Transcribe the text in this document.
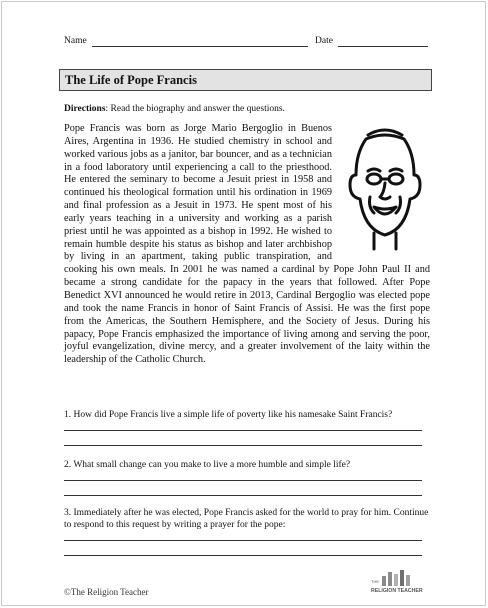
Name	Date
The Life of Pope Francis
Directions: Read the biography and answer the questions.

Pope Francis was born as Jorge Mario Bergoglio in Buenos Aires, Argentina in 1936. He studied chemistry in school and worked various jobs as a janitor, bar bouncer, and as a technician in a food laboratory until experiencing a call to the priesthood. He entered the seminary to become a Jesuit priest in 1958 and continued his theological formation until his ordination in 1969 and final profession as a Jesuit in 1973. He spent most of his early years teaching in a university and working as a parish priest until he was appointed as a bishop in 1992. He wished to remain humble despite his status as bishop and later archbishop by living in an apartment, taking public transpiration, and cooking his own meals. In 2001 he was named a cardinal by Pope John Paul II and became a strong candidate for the papacy in the years that followed. After Pope Benedict XVI announced he would retire in 2013, Cardinal Bergoglio was elected pope and took the name Francis in honor of Saint Francis of Assisi. He was the first pope from the Americas, the Southern Hemisphere, and the Society of Jesus. During his papacy, Pope Francis emphasized the importance of living among and serving the poor, joyful evangelization, divine mercy, and a greater involvement of the laity within the leadership of the Catholic Church.

1. How did Pope Francis live a simple life of poverty like his namesake Saint Francis?
2. What small change can you make to live a more humble and simple life?
3. Immediately after he was elected, Pope Francis asked for the world to pray for him. Continue to respond to this request by writing a prayer for the pope:
©The Religion Teacher
THE
RELIGION TEACHER
